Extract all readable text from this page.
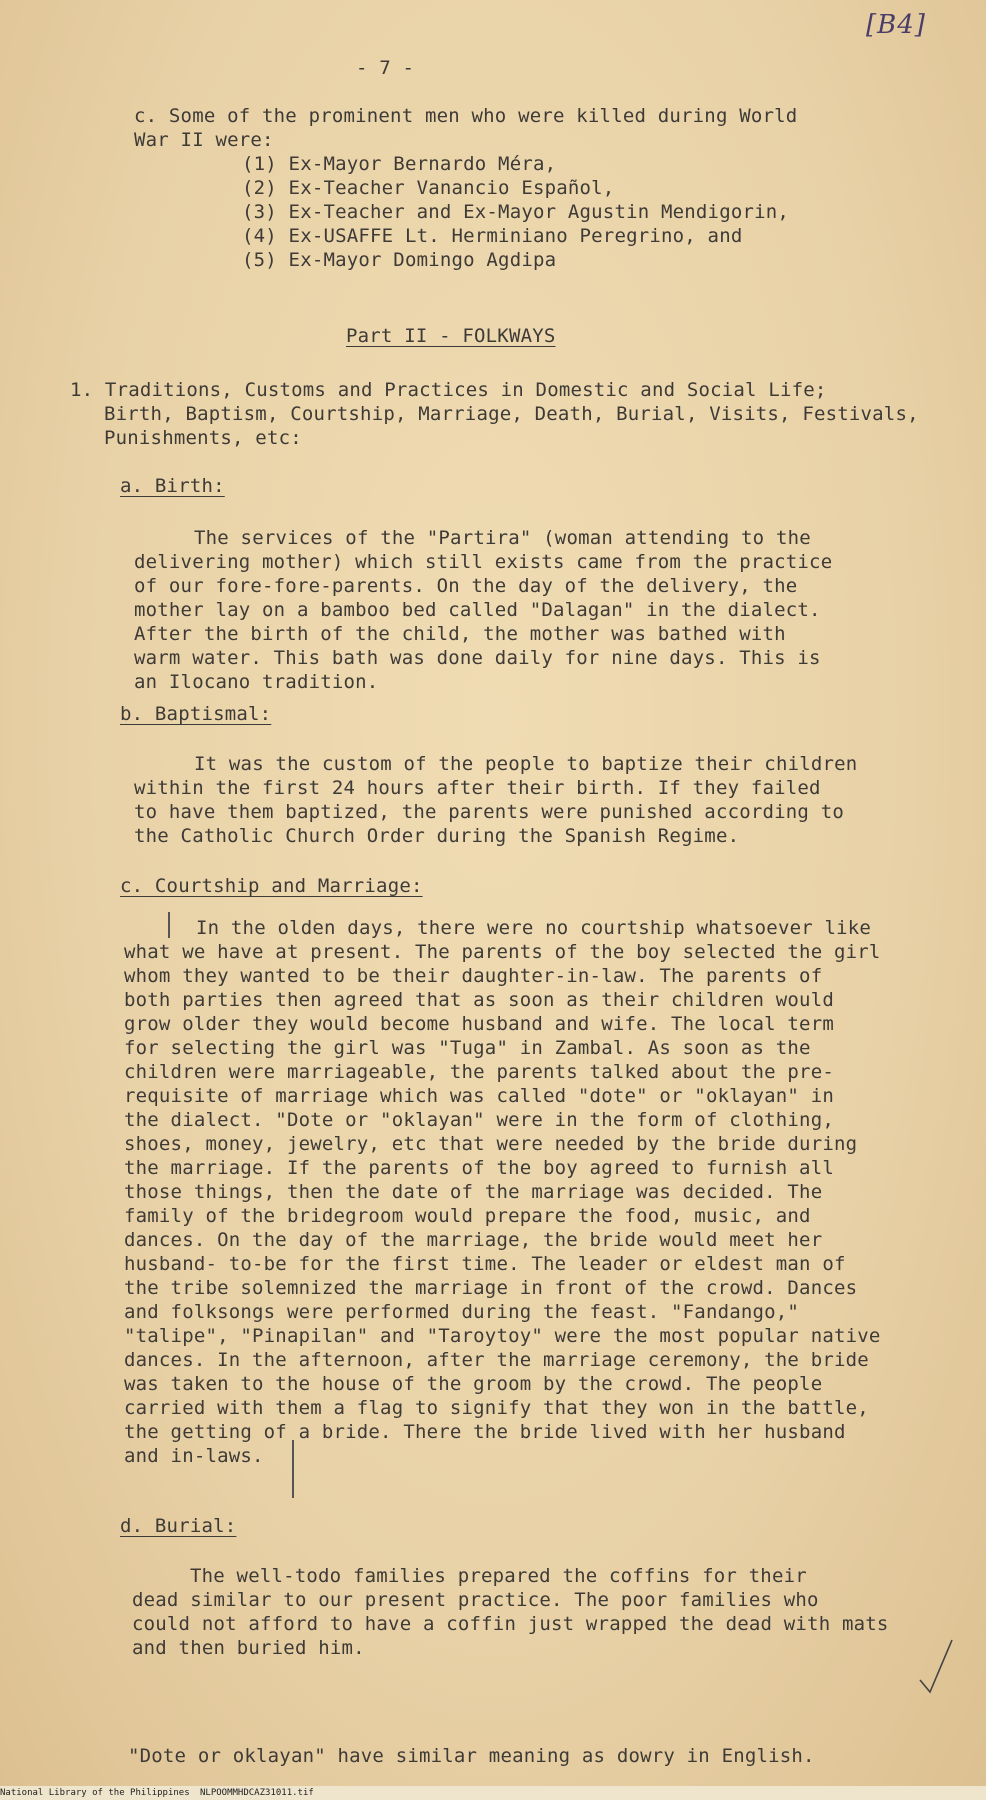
[B4]
- 7 -
c. Some of the prominent men who were killed during World
War II were:
(1) Ex-Mayor Bernardo Méra,
(2) Ex-Teacher Vanancio Español,
(3) Ex-Teacher and Ex-Mayor Agustin Mendigorin,
(4) Ex-USAFFE Lt. Herminiano Peregrino, and
(5) Ex-Mayor Domingo Agdipa
Part II - FOLKWAYS
1. Traditions, Customs and Practices in Domestic and Social Life;
Birth, Baptism, Courtship, Marriage, Death, Burial, Visits, Festivals,
Punishments, etc:
a. Birth:
The services of the "Partira" (woman attending to the
delivering mother) which still exists came from the practice
of our fore-fore-parents. On the day of the delivery, the
mother lay on a bamboo bed called "Dalagan" in the dialect.
After the birth of the child, the mother was bathed with
warm water. This bath was done daily for nine days. This is
an Ilocano tradition.
b. Baptismal:
It was the custom of the people to baptize their children
within the first 24 hours after their birth. If they failed
to have them baptized, the parents were punished according to
the Catholic Church Order during the Spanish Regime.
c. Courtship and Marriage:
In the olden days, there were no courtship whatsoever like
what we have at present. The parents of the boy selected the girl
whom they wanted to be their daughter-in-law. The parents of
both parties then agreed that as soon as their children would
grow older they would become husband and wife. The local term
for selecting the girl was "Tuga" in Zambal. As soon as the
children were marriageable, the parents talked about the pre-
requisite of marriage which was called "dote" or "oklayan" in
the dialect. "Dote or "oklayan" were in the form of clothing,
shoes, money, jewelry, etc that were needed by the bride during
the marriage. If the parents of the boy agreed to furnish all
those things, then the date of the marriage was decided. The
family of the bridegroom would prepare the food, music, and
dances. On the day of the marriage, the bride would meet her
husband- to-be for the first time. The leader or eldest man of
the tribe solemnized the marriage in front of the crowd. Dances
and folksongs were performed during the feast. "Fandango,"
"talipe", "Pinapilan" and "Taroytoy" were the most popular native
dances. In the afternoon, after the marriage ceremony, the bride
was taken to the house of the groom by the crowd. The people
carried with them a flag to signify that they won in the battle,
the getting of a bride. There the bride lived with her husband
and in-laws.
d. Burial:
The well-todo families prepared the coffins for their
dead similar to our present practice. The poor families who
could not afford to have a coffin just wrapped the dead with mats
and then buried him.
"Dote or oklayan" have similar meaning as dowry in English.
National Library of the Philippines NLPOOMMHDCAZ31011.tif
